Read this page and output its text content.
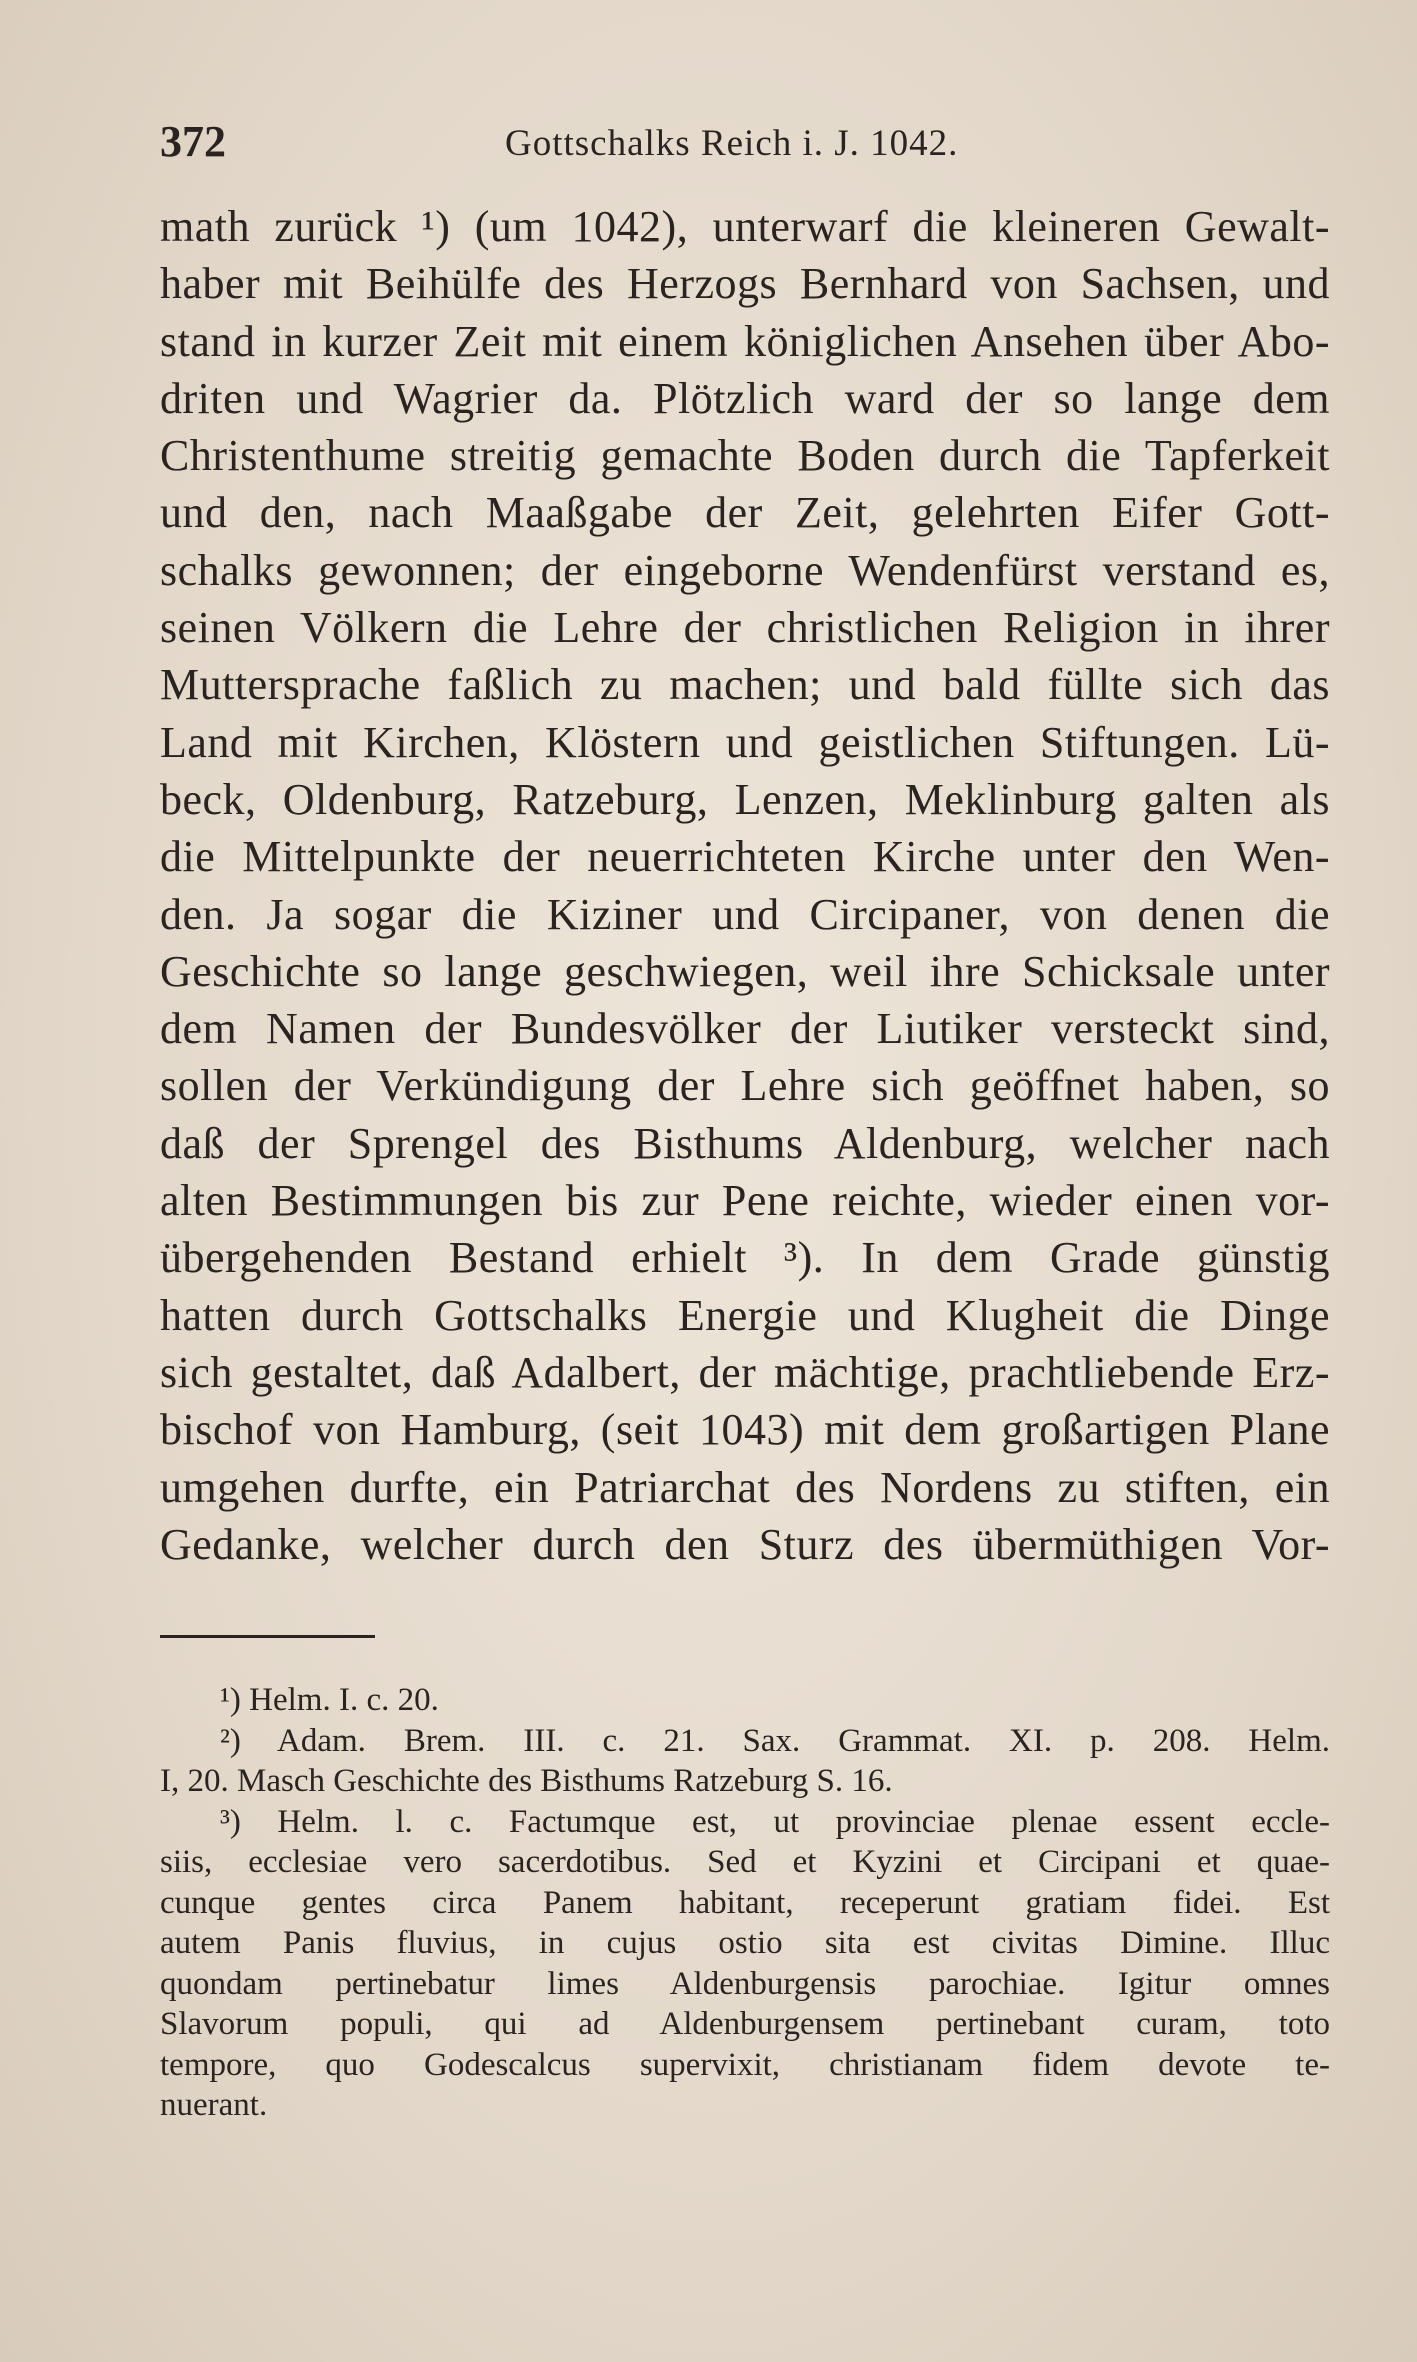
372	Gottschalks Reich i. J. 1042.
math zurück ¹) (um 1042), unterwarf die kleineren Gewalt-
haber mit Beihülfe des Herzogs Bernhard von Sachsen, und
stand in kurzer Zeit mit einem königlichen Ansehen über Abo-
driten und Wagrier da. Plötzlich ward der so lange dem
Christenthume streitig gemachte Boden durch die Tapferkeit
und den, nach Maaßgabe der Zeit, gelehrten Eifer Gott-
schalks gewonnen; der eingeborne Wendenfürst verstand es,
seinen Völkern die Lehre der christlichen Religion in ihrer
Muttersprache faßlich zu machen; und bald füllte sich das
Land mit Kirchen, Klöstern und geistlichen Stiftungen. Lü-
beck, Oldenburg, Ratzeburg, Lenzen, Meklinburg galten als
die Mittelpunkte der neuerrichteten Kirche unter den Wen-
den. Ja sogar die Kiziner und Circipaner, von denen die
Geschichte so lange geschwiegen, weil ihre Schicksale unter
dem Namen der Bundesvölker der Liutiker versteckt sind,
sollen der Verkündigung der Lehre sich geöffnet haben, so
daß der Sprengel des Bisthums Aldenburg, welcher nach
alten Bestimmungen bis zur Pene reichte, wieder einen vor-
übergehenden Bestand erhielt ³). In dem Grade günstig
hatten durch Gottschalks Energie und Klugheit die Dinge
sich gestaltet, daß Adalbert, der mächtige, prachtliebende Erz-
bischof von Hamburg, (seit 1043) mit dem großartigen Plane
umgehen durfte, ein Patriarchat des Nordens zu stiften, ein
Gedanke, welcher durch den Sturz des übermüthigen Vor-
¹) Helm. I. c. 20.
²) Adam. Brem. III. c. 21. Sax. Grammat. XI. p. 208. Helm.
I, 20. Masch Geschichte des Bisthums Ratzeburg S. 16.
³) Helm. l. c. Factumque est, ut provinciae plenae essent eccle-
siis, ecclesiae vero sacerdotibus. Sed et Kyzini et Circipani et quae-
cunque gentes circa Panem habitant, receperunt gratiam fidei. Est
autem Panis fluvius, in cujus ostio sita est civitas Dimine. Illuc
quondam pertinebatur limes Aldenburgensis parochiae. Igitur omnes
Slavorum populi, qui ad Aldenburgensem pertinebant curam, toto
tempore, quo Godescalcus supervixit, christianam fidem devote te-
nuerant.
